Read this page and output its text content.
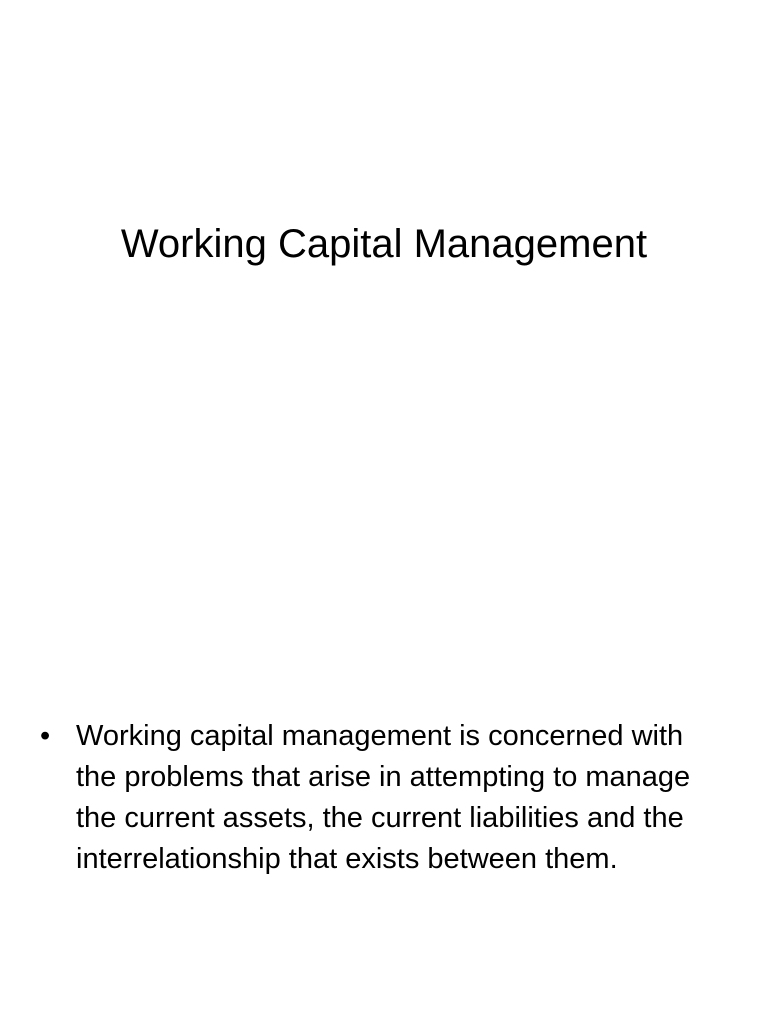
Working Capital Management
• Working capital management is concerned with the problems that arise in attempting to manage the current assets, the current liabilities and the interrelationship that exists between them.
